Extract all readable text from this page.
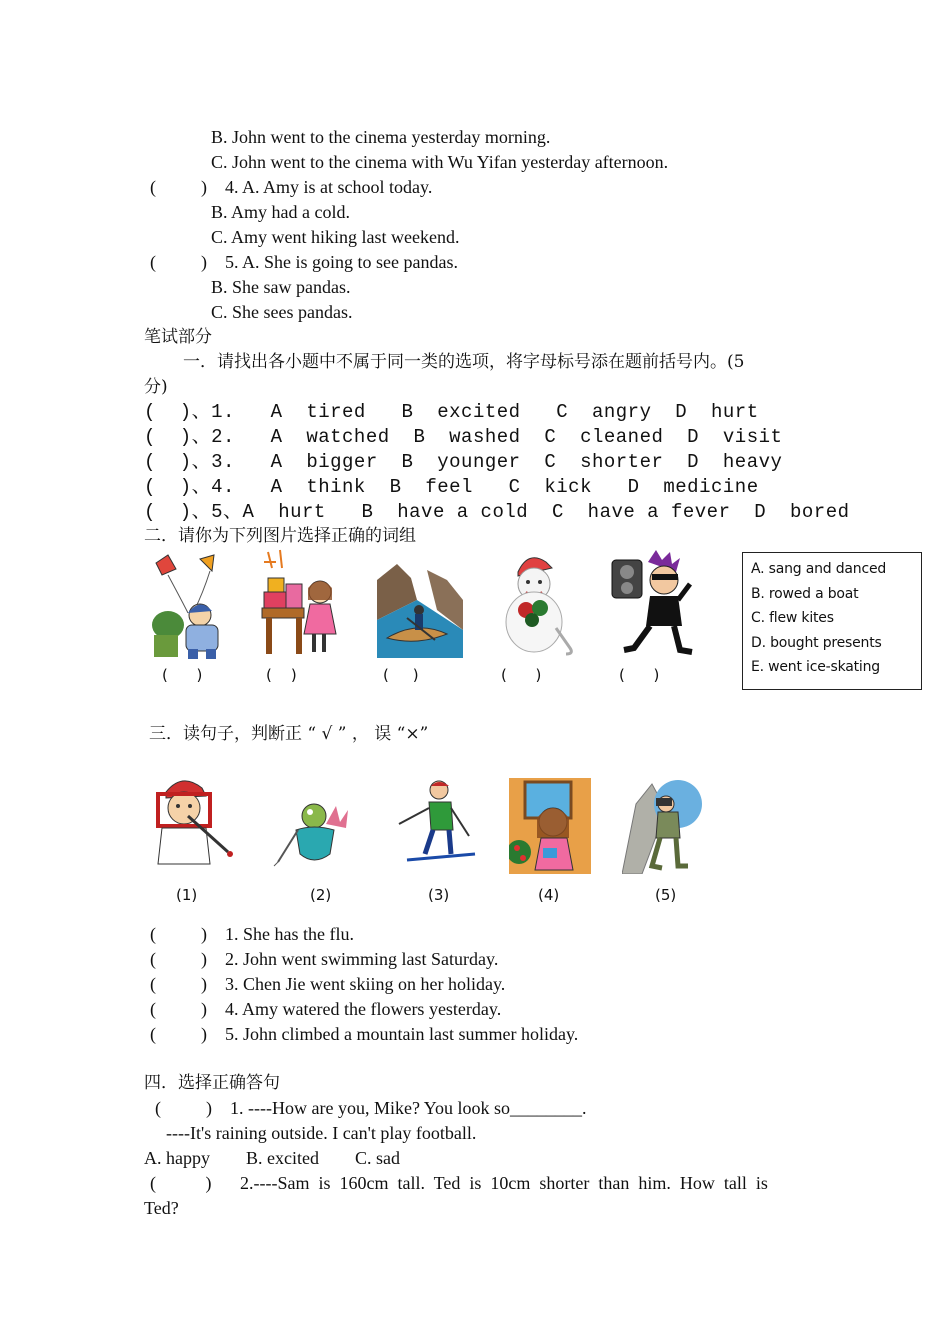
B. John went to the cinema yesterday morning.
C. John went to the cinema with Wu Yifan yesterday afternoon.
(          ) 4. A. Amy is at school today.
B. Amy had a cold.
C. Amy went hiking last weekend.
(          ) 5. A. She is going to see pandas.
B. She saw pandas.
C. She sees pandas.
笔试部分
一．请找出各小题中不属于同一类的选项，将字母标号添在题前括号内。(5
分)
(  )、1.   A  tired   B  excited   C  angry  D  hurt
(  )、2.   A  watched  B  washed  C  cleaned  D  visit
(  )、3.   A  bigger  B  younger  C  shorter  D  heavy
(  )、4.   A  think  B  feel   C  kick   D  medicine
(  )、5、A  hurt   B  have a cold  C  have a fever  D  bored
二．请你为下列图片选择正确的词组
(      )	(    )	(     )	(      )	(      )
A. sang and danced
B. rowed a boat
C. flew kites
D. bought presents
E. went ice-skating
三．读句子，判断正 “ √ ” ， 误 “×”
(1)	(2)	(3)	(4)	(5)
(          ) 1. She has the flu.
(          ) 2. John went swimming last Saturday.
(          ) 3. Chen Jie went skiing on her holiday.
(          ) 4. Amy watered the flowers yesterday.
(          ) 5. John climbed a mountain last summer holiday.
四．选择正确答句
(          ) 1. ----How are you, Mike? You look so________.
----It's raining outside. I can't play football.
A. happy        B. excited        C. sad
(           ) 2.----Sam  is  160cm  tall.  Ted  is  10cm  shorter  than  him.  How  tall  is
Ted?
